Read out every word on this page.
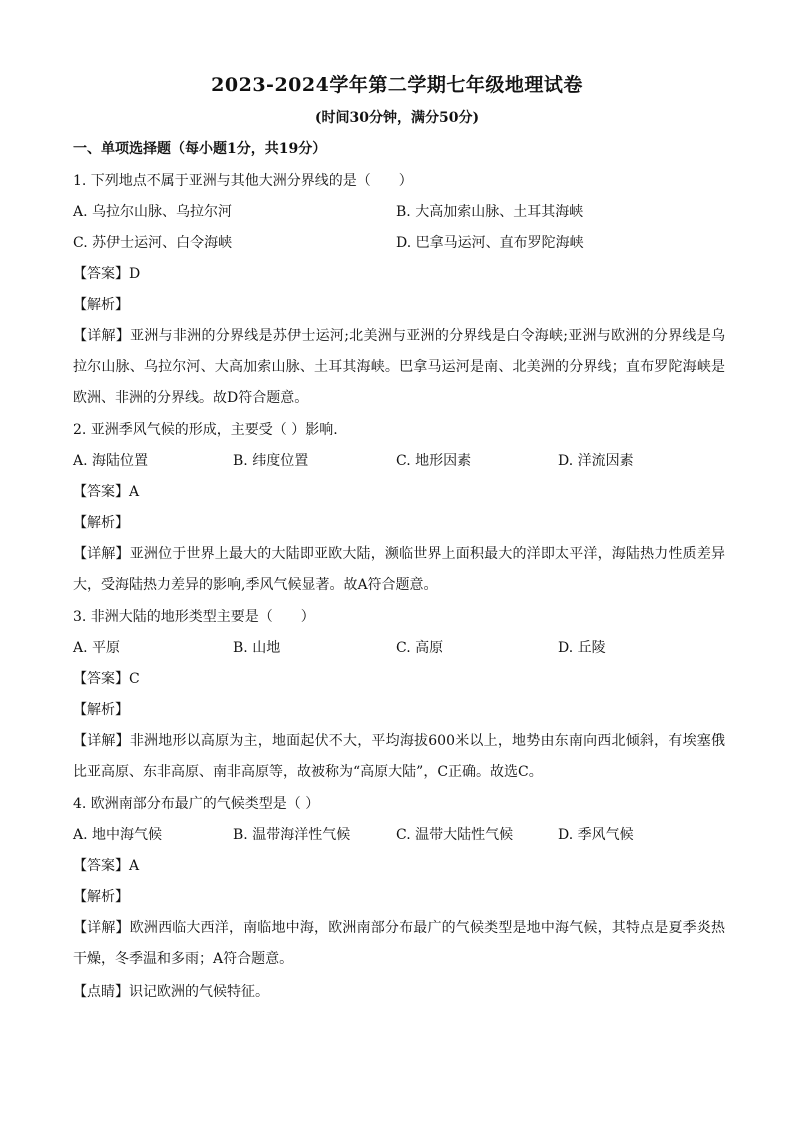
2023-2024学年第二学期七年级地理试卷
(时间30分钟，满分50分)
一、单项选择题（每小题1分，共19分）
1. 下列地点不属于亚洲与其他大洲分界线的是（　　）
A. 乌拉尔山脉、乌拉尔河	B. 大高加索山脉、土耳其海峡
C. 苏伊士运河、白令海峡	D. 巴拿马运河、直布罗陀海峡
【答案】D
【解析】
【详解】亚洲与非洲的分界线是苏伊士运河;北美洲与亚洲的分界线是白令海峡;亚洲与欧洲的分界线是乌拉尔山脉、乌拉尔河、大高加索山脉、土耳其海峡。巴拿马运河是南、北美洲的分界线；直布罗陀海峡是欧洲、非洲的分界线。故D符合题意。
2. 亚洲季风气候的形成，主要受（ ）影响.
A. 海陆位置	B. 纬度位置	C. 地形因素	D. 洋流因素
【答案】A
【解析】
【详解】亚洲位于世界上最大的大陆即亚欧大陆，濒临世界上面积最大的洋即太平洋，海陆热力性质差异大，受海陆热力差异的影响,季风气候显著。故A符合题意。
3. 非洲大陆的地形类型主要是（　　）
A. 平原	B. 山地	C. 高原	D. 丘陵
【答案】C
【解析】
【详解】非洲地形以高原为主，地面起伏不大，平均海拔600米以上，地势由东南向西北倾斜，有埃塞俄比亚高原、东非高原、南非高原等，故被称为“高原大陆”，C正确。故选C。
4. 欧洲南部分布最广的气候类型是（ ）
A. 地中海气候	B. 温带海洋性气候	C. 温带大陆性气候	D. 季风气候
【答案】A
【解析】
【详解】欧洲西临大西洋，南临地中海，欧洲南部分布最广的气候类型是地中海气候，其特点是夏季炎热干燥，冬季温和多雨；A符合题意。
【点睛】识记欧洲的气候特征。
